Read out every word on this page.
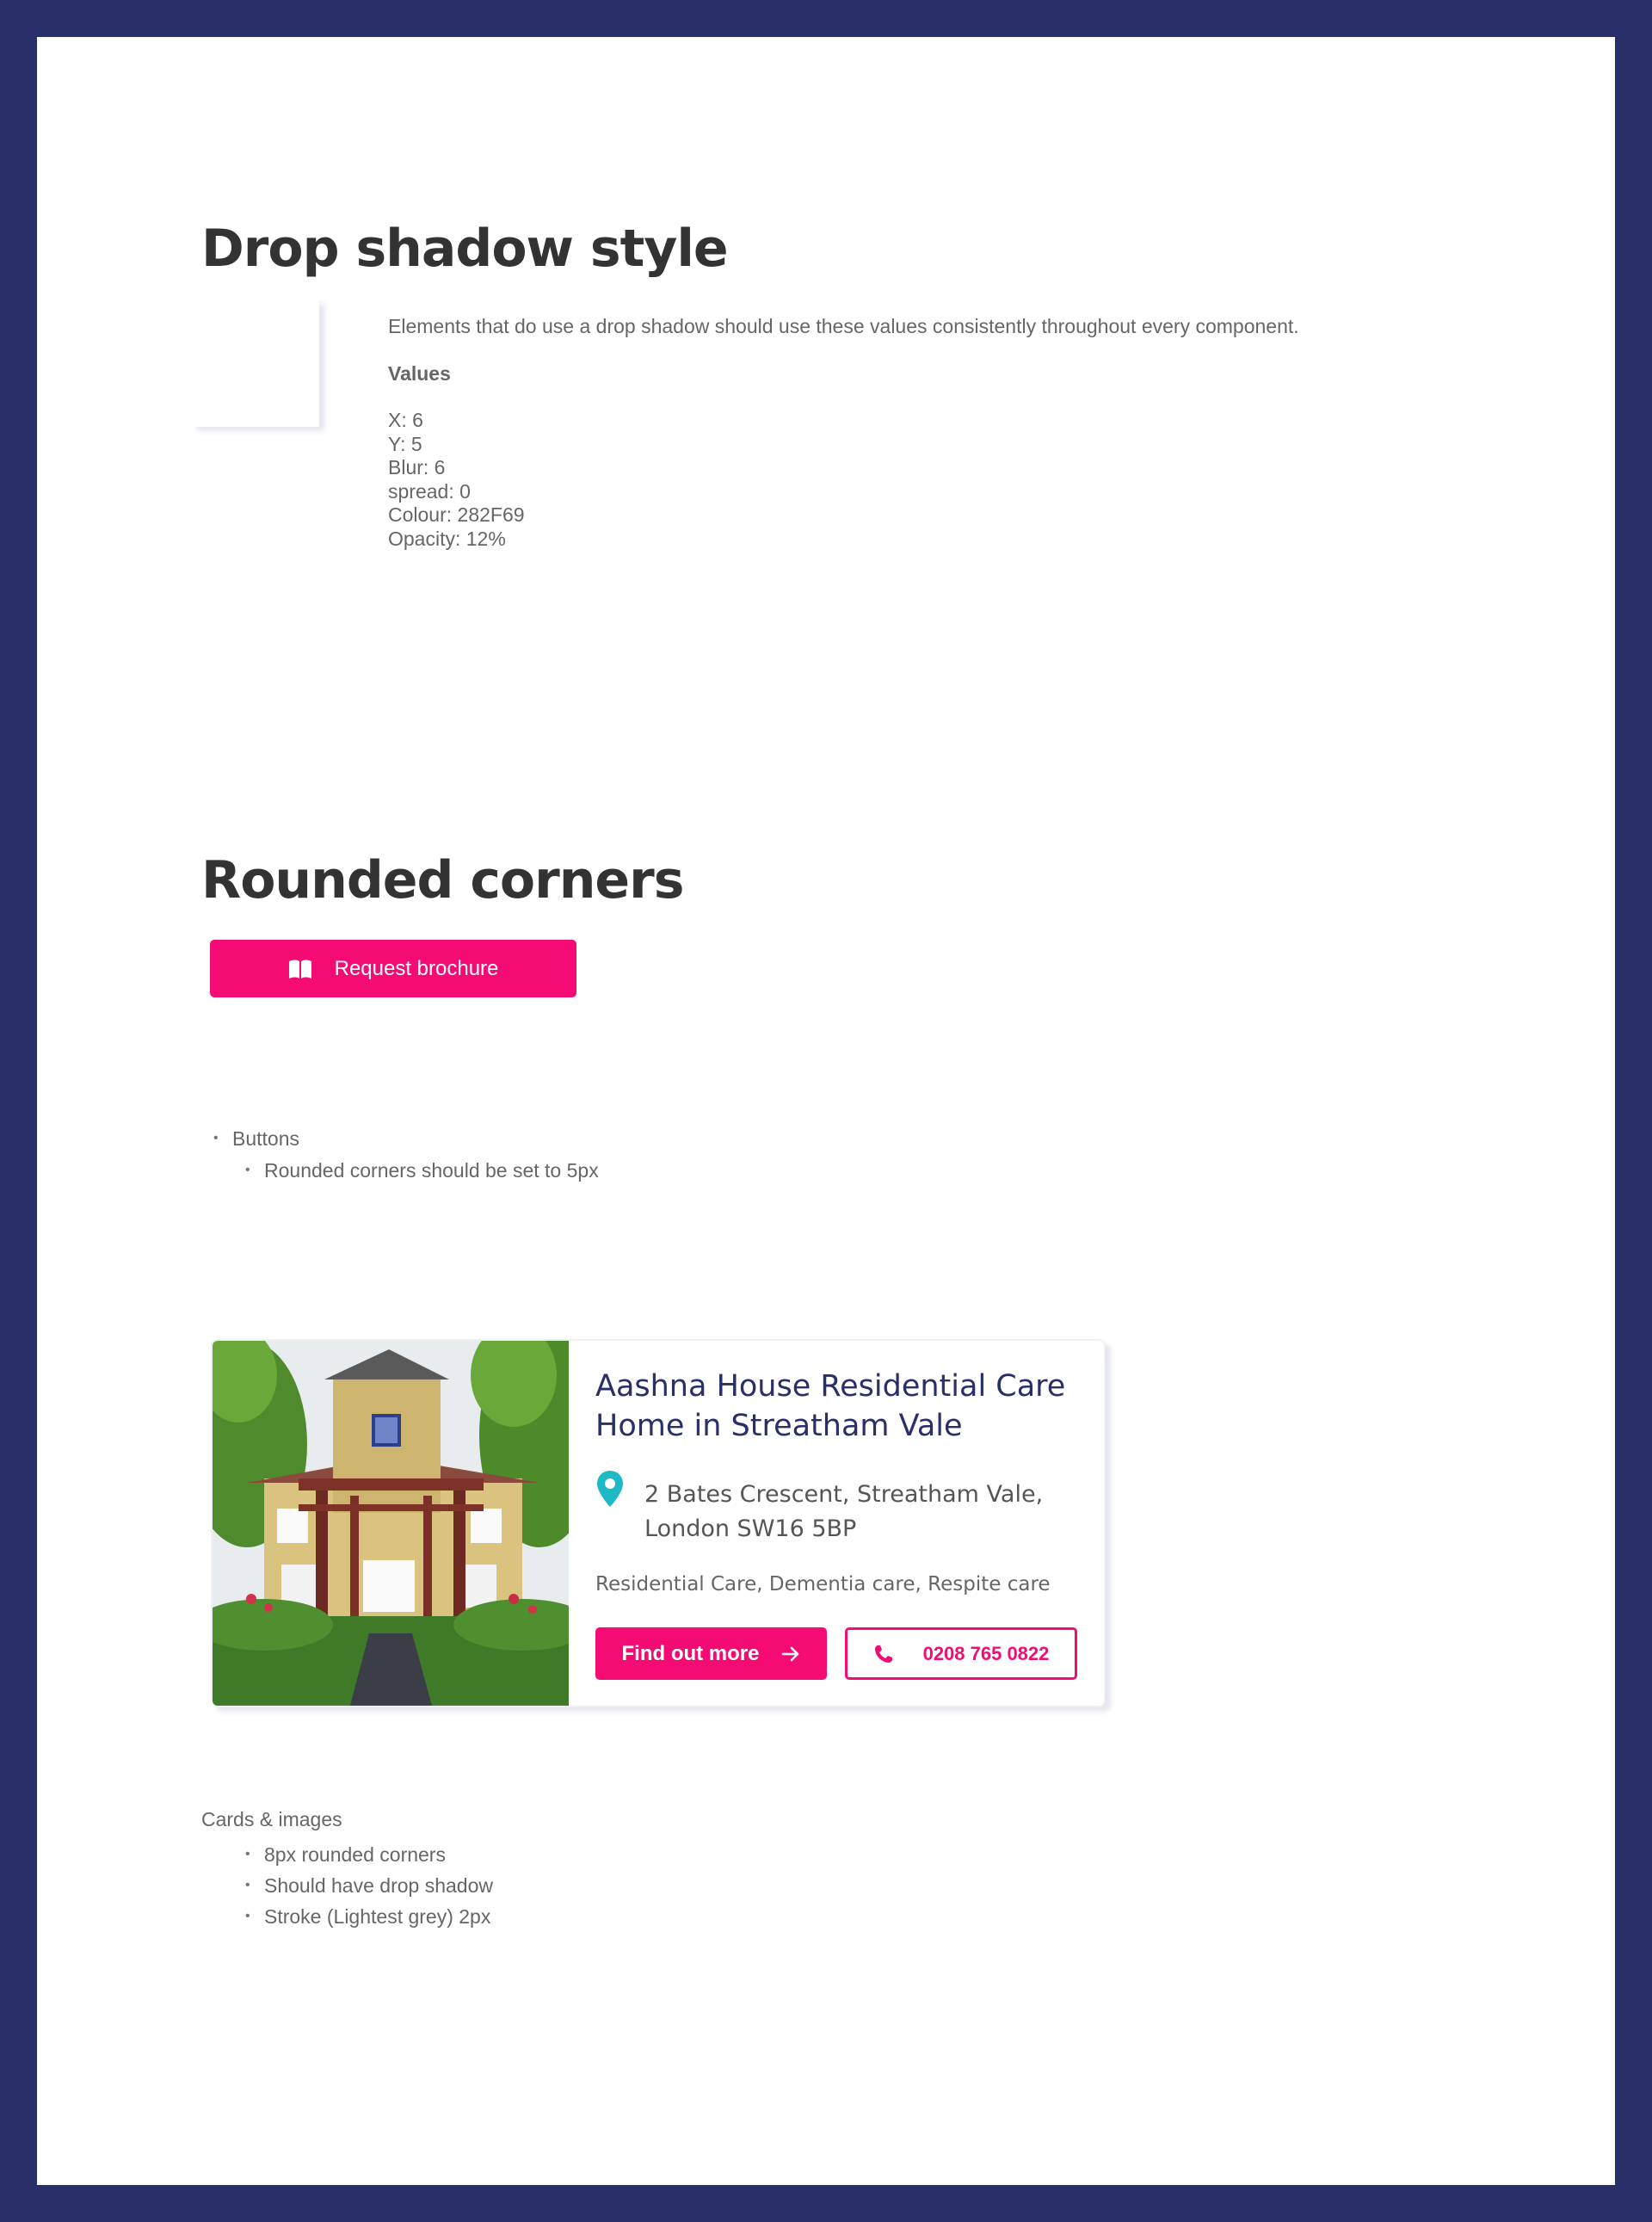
Drop shadow style
Elements that do use a drop shadow should use these values consistently throughout every component.
Values
X: 6
Y: 5
Blur: 6
spread: 0
Colour: 282F69
Opacity: 12%
Rounded corners
Request brochure
• Buttons
• Rounded corners should be set to 5px
Aashna House Residential Care Home in Streatham Vale
2 Bates Crescent, Streatham Vale, London SW16 5BP
Residential Care, Dementia care, Respite care
Find out more	0208 765 0822
Cards & images
• 8px rounded corners
• Should have drop shadow
• Stroke (Lightest grey) 2px
